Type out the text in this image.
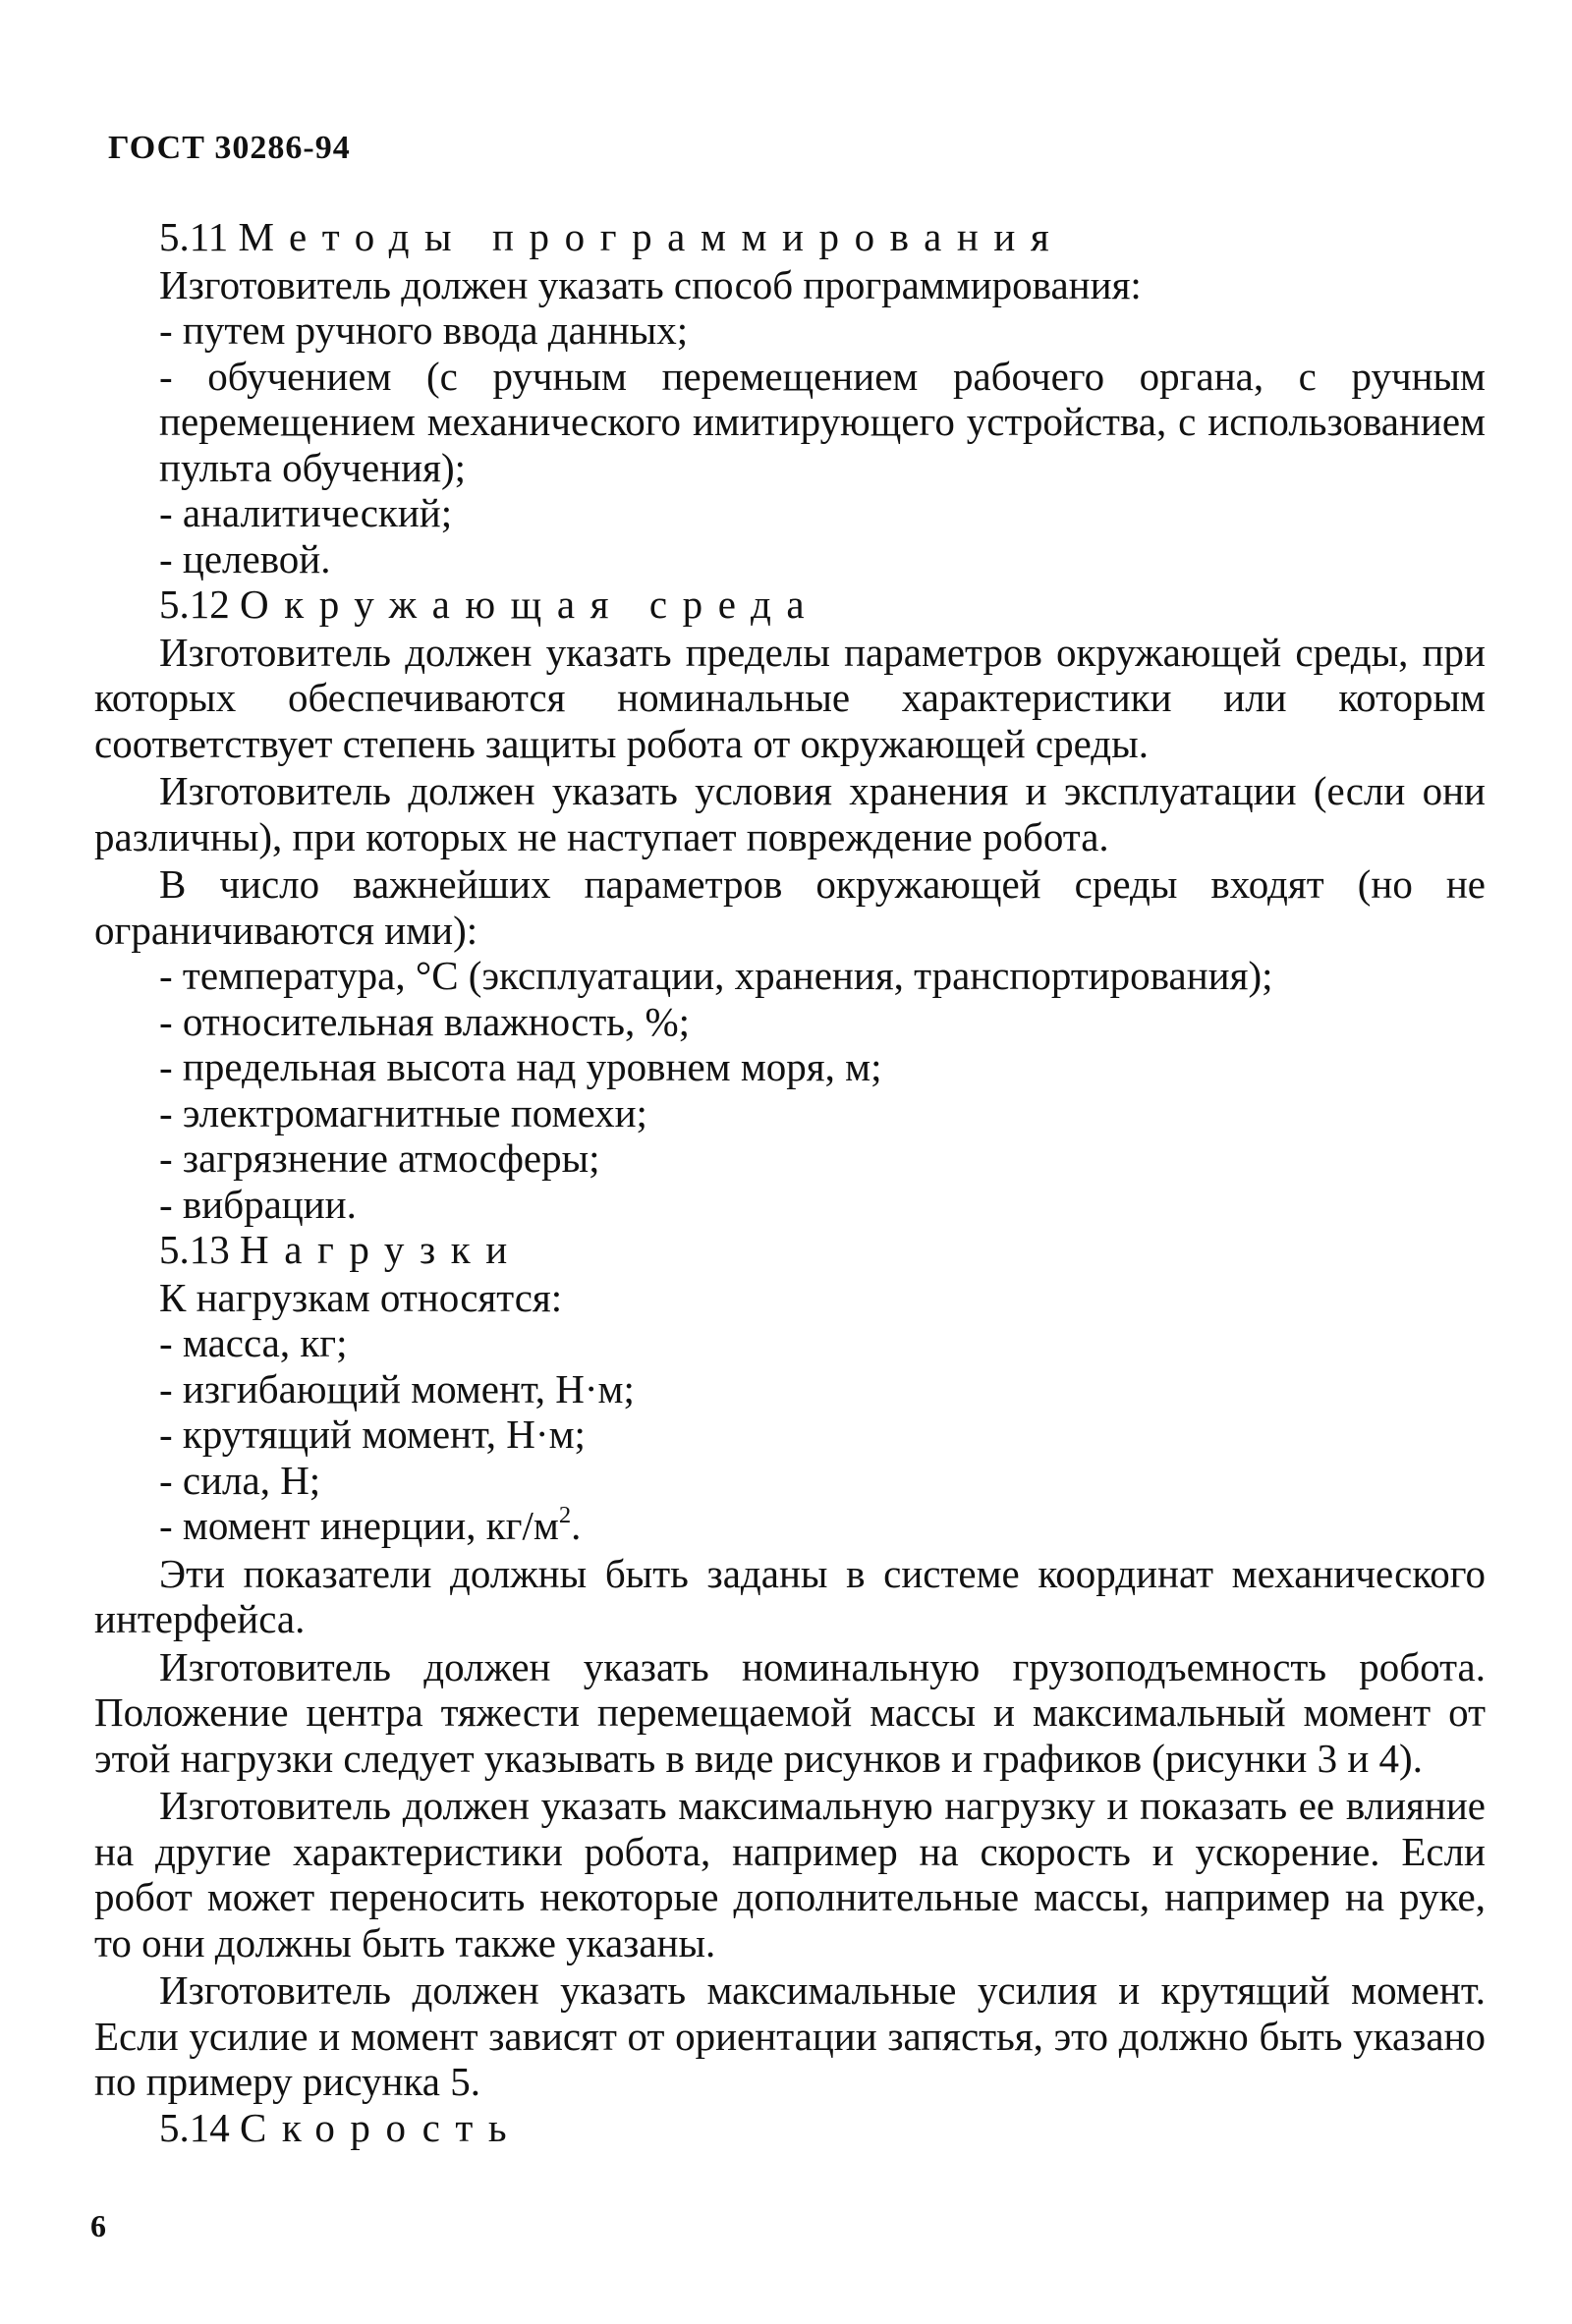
ГОСТ 30286-94

5.11 Методы программирования

Изготовитель должен указать способ программирования:

- путем ручного ввода данных;

- обучением (с ручным перемещением рабочего органа, с ручным перемещением механического имитирующего устройства, с использованием пульта обучения);

- аналитический;

- целевой.

5.12 Окружающая среда

Изготовитель должен указать пределы параметров окружающей среды, при которых обеспечиваются номинальные характеристики или которым соответствует степень защиты робота от окружающей среды.

Изготовитель должен указать условия хранения и эксплуатации (если они различны), при которых не наступает повреждение робота.

В число важнейших параметров окружающей среды входят (но не ограничиваются ими):

- температура, °С (эксплуатации, хранения, транспортирования);

- относительная влажность, %;

- предельная высота над уровнем моря, м;

- электромагнитные помехи;

- загрязнение атмосферы;

- вибрации.

5.13 Нагрузки

К нагрузкам относятся:

- масса, кг;

- изгибающий момент, Н·м;

- крутящий момент, Н·м;

- сила, Н;

- момент инерции, $кг/м^2$.

Эти показатели должны быть заданы в системе координат механического интерфейса.

Изготовитель должен указать номинальную грузоподъемность робота. Положение центра тяжести перемещаемой массы и максимальный момент от этой нагрузки следует указывать в виде рисунков и графиков (рисунки 3 и 4).

Изготовитель должен указать максимальную нагрузку и показать ее влияние на другие характеристики робота, например на скорость и ускорение. Если робот может переносить некоторые дополнительные массы, например на руке, то они должны быть также указаны.

Изготовитель должен указать максимальные усилия и крутящий момент. Если усилие и момент зависят от ориентации запястья, это должно быть указано по примеру рисунка 5.

5.14 Скорость

6
